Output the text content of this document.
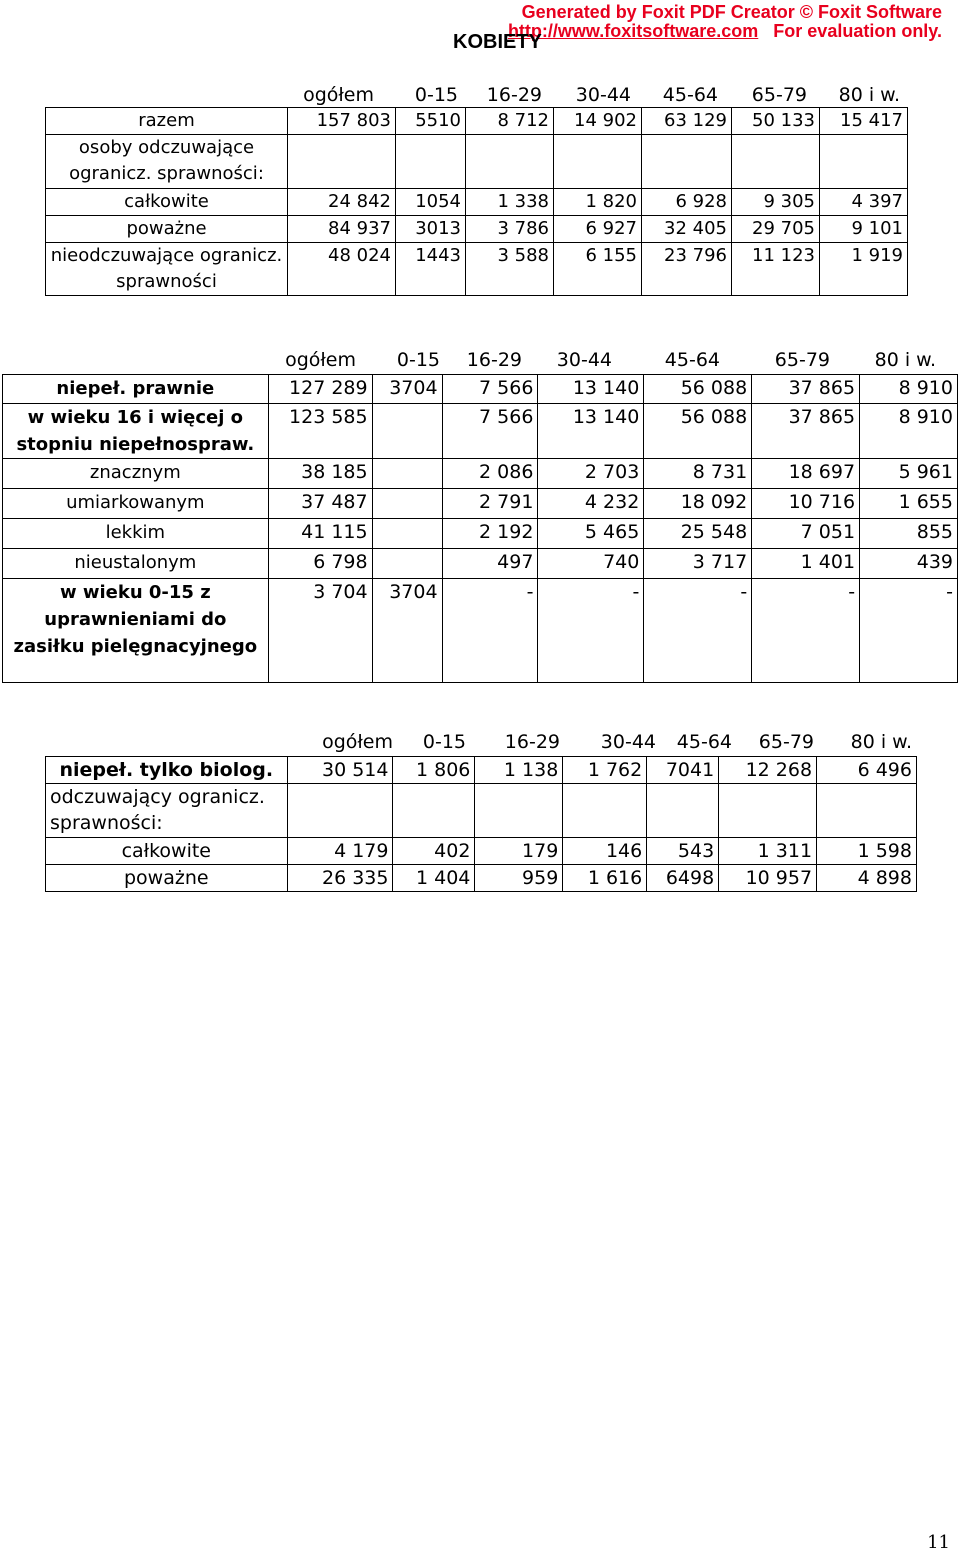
Generated by Foxit PDF Creator © Foxit Software
http://www.foxitsoftware.com For evaluation only.
KOBIETY
ogółem	0-15	16-29	30-44	45-64	65-79	80 i w.
razem	157 803	5510	8 712	14 902	63 129	50 133	15 417
osoby odczuwające ogranicz. sprawności:							
całkowite	24 842	1054	1 338	1 820	6 928	9 305	4 397
poważne	84 937	3013	3 786	6 927	32 405	29 705	9 101
nieodczuwające ogranicz. sprawności	48 024	1443	3 588	6 155	23 796	11 123	1 919
ogółem	0-15	16-29	30-44	45-64	65-79	80 i w.
niepeł. prawnie	127 289	3704	7 566	13 140	56 088	37 865	8 910
w wieku 16 i więcej o stopniu niepełnospraw.	123 585		7 566	13 140	56 088	37 865	8 910
znacznym	38 185		2 086	2 703	8 731	18 697	5 961
umiarkowanym	37 487		2 791	4 232	18 092	10 716	1 655
lekkim	41 115		2 192	5 465	25 548	7 051	855
nieustalonym	6 798		497	740	3 717	1 401	439
w wieku 0-15 z uprawnieniami do zasiłku pielęgnacyjnego	3 704	3704	-	-	-	-	-
ogółem	0-15	16-29	30-44	45-64	65-79	80 i w.
niepeł. tylko biolog.	30 514	1 806	1 138	1 762	7041	12 268	6 496
odczuwający ogranicz. sprawności:							
całkowite	4 179	402	179	146	543	1 311	1 598
poważne	26 335	1 404	959	1 616	6498	10 957	4 898
11
